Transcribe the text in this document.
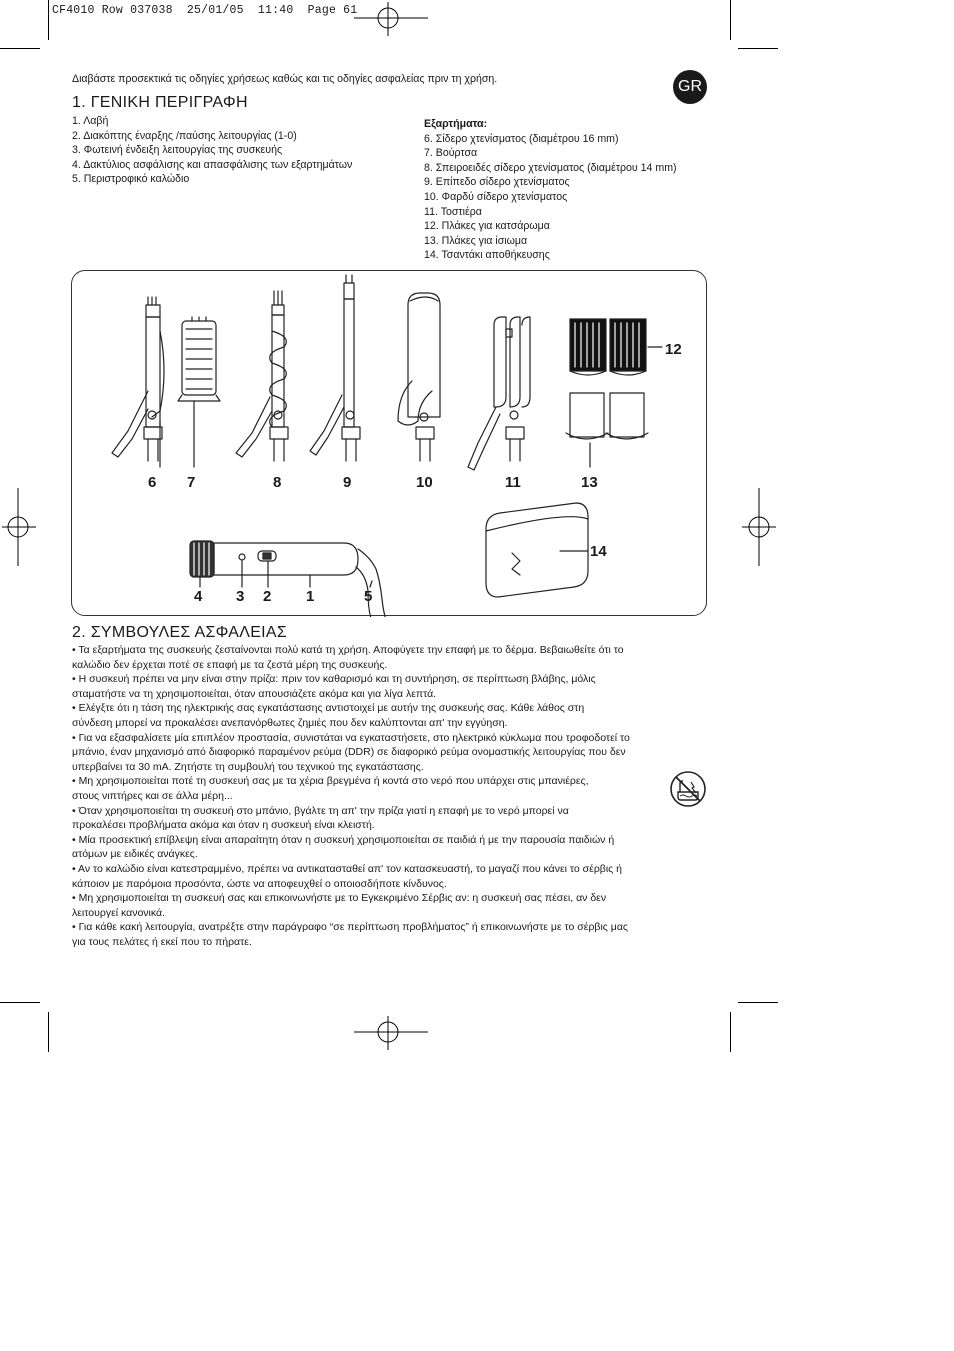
CF4010 Row 037038  25/01/05  11:40  Page 61
Διαβάστε προσεκτικά τις οδηγίες χρήσεως καθώς και τις οδηγίες ασφαλείας πριν τη χρήση.	GR
1. ΓΕΝΙΚΗ ΠΕΡΙΓΡΑΦΗ
1. Λαβή
2. Διακόπτης έναρξης /παύσης λειτουργίας (1-0)
3. Φωτεινή ένδειξη λειτουργίας της συσκευής
4. Δακτύλιος ασφάλισης και απασφάλισης των εξαρτημάτων
5. Περιστροφικό καλώδιο
Εξαρτήματα:
6. Σίδερο χτενίσματος (διαμέτρου 16 mm)
7. Βούρτσα
8. Σπειροειδές σίδερο χτενίσματος (διαμέτρου 14 mm)
9. Επίπεδο σίδερο χτενίσματος
10. Φαρδύ σίδερο χτενίσματος
11. Τοστιέρα
12. Πλάκες για κατσάρωμα
13. Πλάκες για ίσιωμα
14. Τσαντάκι αποθήκευσης
6 7	8	9	10	11
12
13
14
4 3 2 1	5
2. ΣΥΜΒΟΥΛΕΣ ΑΣΦΑΛΕΙΑΣ

• Τα εξαρτήματα της συσκευής ζεσταίνονται πολύ κατά τη χρήση. Αποφύγετε την επαφή με το δέρμα. Βεβαιωθείτε ότι το

καλώδιο δεν έρχεται ποτέ σε επαφή με τα ζεστά μέρη της συσκευής.

• Η συσκευή πρέπει να μην είναι στην πρίζα: πριν τον καθαρισμό και τη συντήρηση, σε περίπτωση βλάβης, μόλις

σταματήστε να τη χρησιμοποιείται, όταν απουσιάζετε ακόμα και για λίγα λεπτά.

• Ελέγξτε ότι η τάση της ηλεκτρικής σας εγκατάστασης αντιστοιχεί με αυτήν της συσκευής σας. Κάθε λάθος στη

σύνδεση μπορεί να προκαλέσει ανεπανόρθωτες ζημιές που δεν καλύπτονται απ' την εγγύηση.

• Για να εξασφαλίσετε μία επιπλέον προστασία, συνιστάται να εγκαταστήσετε, στο ηλεκτρικό κύκλωμα που τροφοδοτεί το

μπάνιο, έναν μηχανισμό από διαφορικό παραμένον ρεύμα (DDR) σε διαφορικό ρεύμα ονομαστικής λειτουργίας που δεν

υπερβαίνει τα 30 mA. Ζητήστε τη συμβουλή του τεχνικού της εγκατάστασης.

• Μη χρησιμοποιείται ποτέ τη συσκευή σας με τα χέρια βρεγμένα ή κοντά στο νερό που υπάρχει στις μπανιέρες,

στους νιπτήρες και σε άλλα μέρη...

• Όταν χρησιμοποιείται τη συσκευή στο μπάνιο, βγάλτε τη απ' την πρίζα γιατί η επαφή με το νερό μπορεί να

προκαλέσει προβλήματα ακόμα και όταν η συσκευή είναι κλειστή.

• Μία προσεκτική επίβλεψη είναι απαραίτητη όταν η συσκευή χρησιμοποιείται σε παιδιά ή με την παρουσία παιδιών ή

ατόμων με ειδικές ανάγκες.

• Αν το καλώδιο είναι κατεστραμμένο, πρέπει να αντικατασταθεί απ' τον κατασκευαστή, το μαγαζί που κάνει το σέρβις ή

κάποιον με παρόμοια προσόντα, ώστε να αποφευχθεί ο οποιοσδήποτε κίνδυνος.

• Μη χρησιμοποιείται τη συσκευή σας και επικοινωνήστε με το Εγκεκριμένο Σέρβις αν: η συσκευή σας πέσει, αν δεν

λειτουργεί κανονικά.

• Για κάθε κακή λειτουργία, ανατρέξτε στην παράγραφο “σε περίπτωση προβλήματος” ή επικοινωνήστε με το σέρβις μας

για τους πελάτες ή εκεί που το πήρατε.
